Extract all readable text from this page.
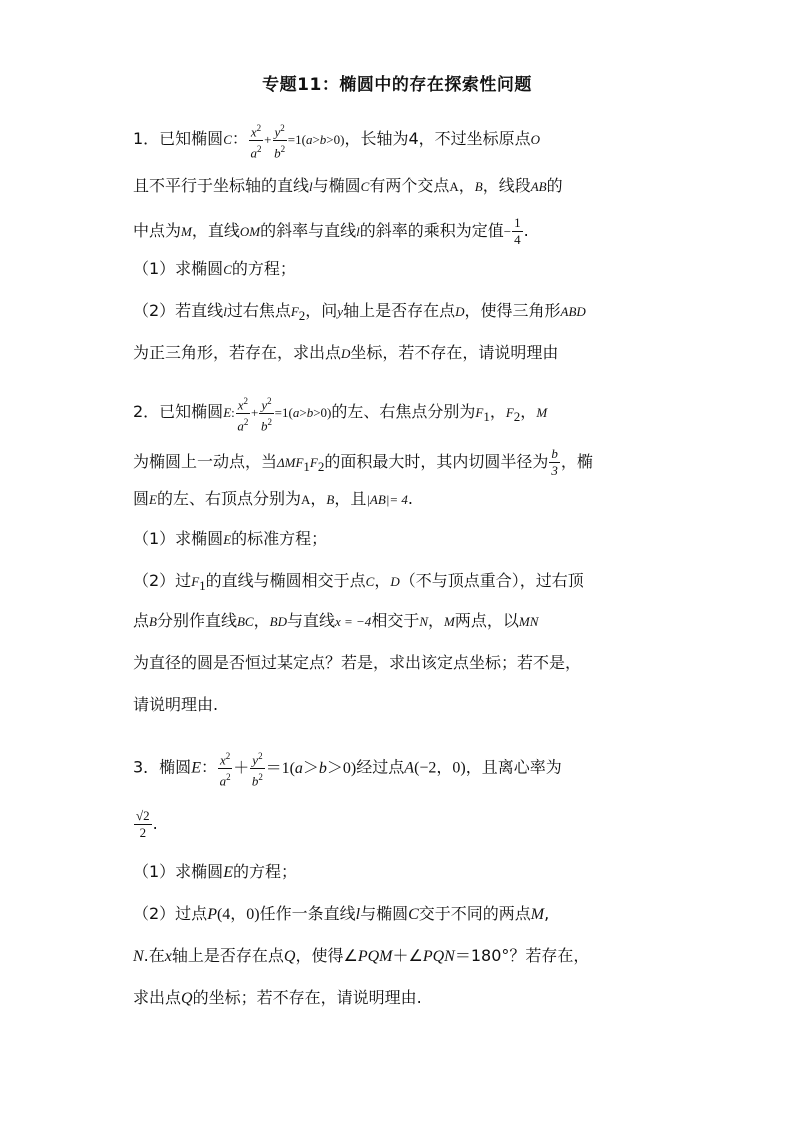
专题11：椭圆中的存在探索性问题
1．已知椭圆C： $\frac{x^2}{a^2} + \frac{y^2}{b^2} =1(a>b>0)$，长轴为4，不过坐标原点O
且不平行于坐标轴的直线l与椭圆C有两个交点A，B，线段AB的
中点为M，直线OM的斜率与直线l的斜率的乘积为定值− $\frac{1}{4}$ .
（1）求椭圆C的方程；
（2）若直线l过右焦点$F_2$，问y轴上是否存在点D，使得三角形ABD
为正三角形，若存在，求出点D坐标，若不存在，请说明理由
2．已知椭圆E: $\frac{x^2}{a^2} + \frac{y^2}{b^2} =1(a>b>0)$的左、右焦点分别为$F_1$，$F_2$，M
为椭圆上一动点，当$\Delta MF_1F_2$的面积最大时，其内切圆半径为 $\frac{b}{3}$ ，椭
圆E的左、右顶点分别为A，B，且|AB|= 4.
（1）求椭圆E的标准方程；
（2）过$F_1$的直线与椭圆相交于点C，D（不与顶点重合），过右顶
点B分别作直线BC，BD与直线x = −4相交于N，M两点，以MN
为直径的圆是否恒过某定点？若是，求出该定点坐标；若不是，
请说明理由.
3．椭圆E： $\frac{x^2}{a^2} + \frac{y^2}{b^2} =1(a>b>0)$经过点A(−2，0)，且离心率为
$\frac{√2}{2}$ .
（1）求椭圆E的方程；
（2）过点P(4，0)任作一条直线l与椭圆C交于不同的两点M,
N.在x轴上是否存在点Q，使得∠PQM＋∠PQN＝180°？若存在，
求出点Q的坐标；若不存在，请说明理由.
